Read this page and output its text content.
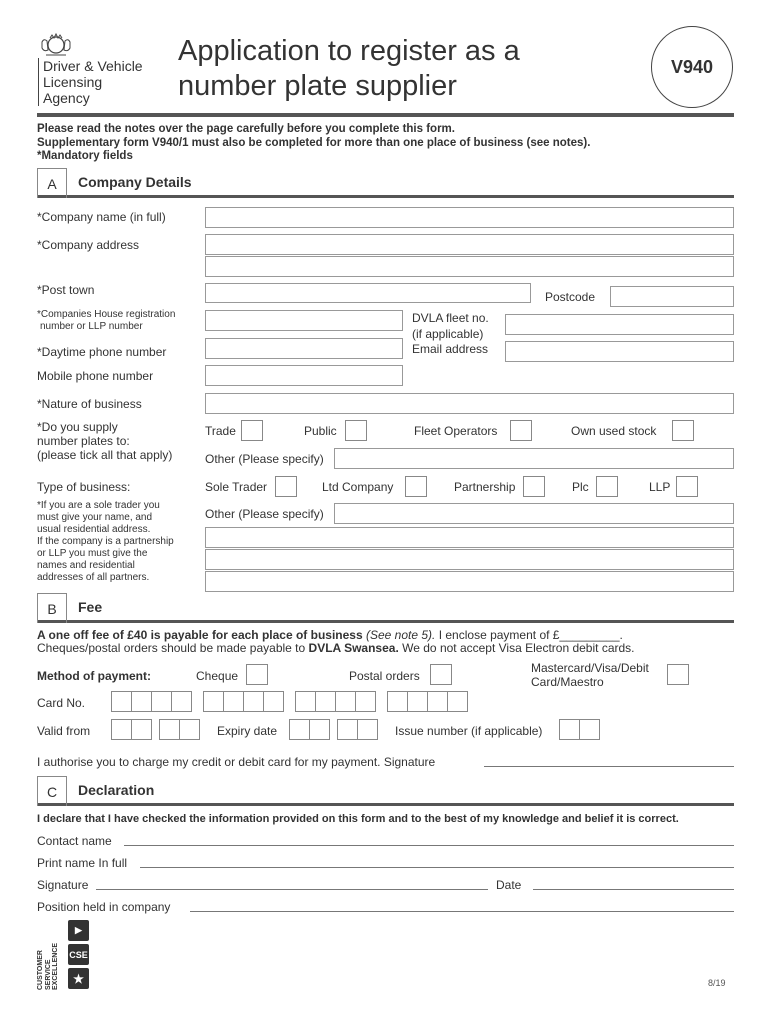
Driver & Vehicle
Licensing
Agency
Application to register as a
number plate supplier
V940
Please read the notes over the page carefully before you complete this form.
Supplementary form V940/1 must also be completed for more than one place of business (see notes).
*Mandatory fields
A	Company Details
*Company name (in full)
*Company address
*Post town	Postcode
*Companies House registration
number or LLP number
DVLA fleet no.
(if applicable)
*Daytime phone number	Email address
Mobile phone number
*Nature of business
*Do you supply
number plates to:
(please tick all that apply)
Trade	Public	Fleet Operators	Own used stock
Other (Please specify)
Type of business:	Sole Trader	Ltd Company	Partnership	Plc	LLP
*If you are a sole trader you
must give your name, and
usual residential address.
If the company is a partnership
or LLP you must give the
names and residential
addresses of all partners.
Other (Please specify)
B	Fee
A one off fee of £40 is payable for each place of business (See note 5). I enclose payment of £_________.
Cheques/postal orders should be made payable to DVLA Swansea. We do not accept Visa Electron debit cards.
Method of payment:	Cheque	Postal orders
Mastercard/Visa/Debit
Card/Maestro
Card No.
Valid from	Expiry date	Issue number (if applicable)
I authorise you to charge my credit or debit card for my payment. Signature
C	Declaration
I declare that I have checked the information provided on this form and to the best of my knowledge and belief it is correct.
Contact name
Print name In full
Signature	Date
Position held in company
CUSTOMER SERVICE EXCELLENCE
▶
CSE
★	8/19
